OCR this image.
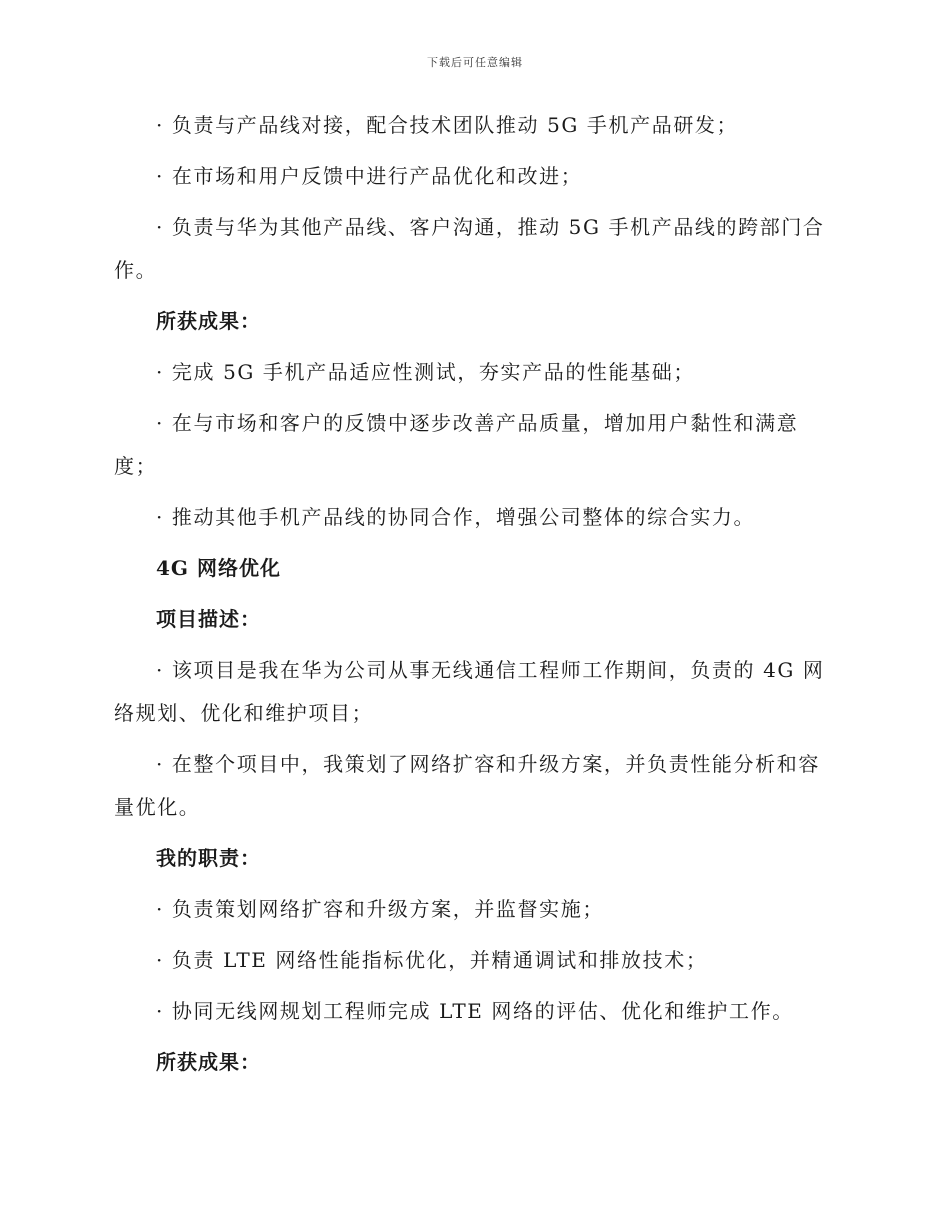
下载后可任意编辑

· 负责与产品线对接，配合技术团队推动 5G 手机产品研发；

· 在市场和用户反馈中进行产品优化和改进；

· 负责与华为其他产品线、客户沟通，推动 5G 手机产品线的跨部门合作。

所获成果：

· 完成 5G 手机产品适应性测试，夯实产品的性能基础；

· 在与市场和客户的反馈中逐步改善产品质量，增加用户黏性和满意度；

· 推动其他手机产品线的协同合作，增强公司整体的综合实力。

4G 网络优化

项目描述：

· 该项目是我在华为公司从事无线通信工程师工作期间，负责的 4G 网络规划、优化和维护项目；

· 在整个项目中，我策划了网络扩容和升级方案，并负责性能分析和容量优化。

我的职责：

· 负责策划网络扩容和升级方案，并监督实施；

· 负责 LTE 网络性能指标优化，并精通调试和排放技术；

· 协同无线网规划工程师完成 LTE 网络的评估、优化和维护工作。

所获成果：
